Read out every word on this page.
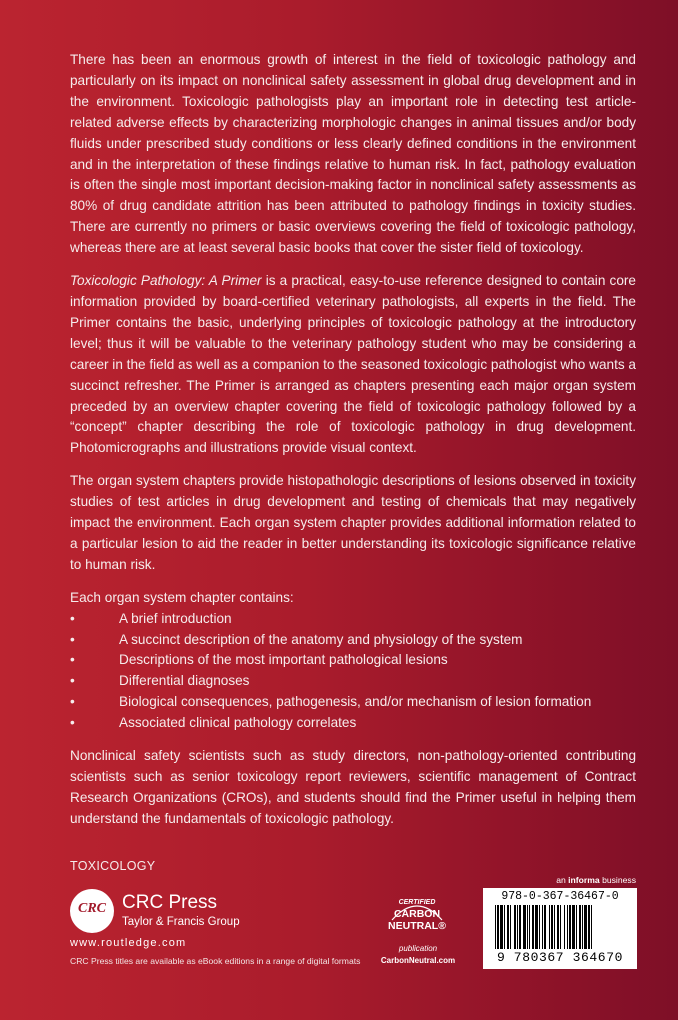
There has been an enormous growth of interest in the field of toxicologic pathology and particularly on its impact on nonclinical safety assessment in global drug development and in the environment. Toxicologic pathologists play an important role in detecting test article-related adverse effects by characterizing morphologic changes in animal tissues and/or body fluids under prescribed study conditions or less clearly defined conditions in the environment and in the interpretation of these findings relative to human risk. In fact, pathology evaluation is often the single most important decision-making factor in nonclinical safety assessments as 80% of drug candidate attrition has been attributed to pathology findings in toxicity studies. There are currently no primers or basic overviews covering the field of toxicologic pathology, whereas there are at least several basic books that cover the sister field of toxicology.

Toxicologic Pathology: A Primer is a practical, easy-to-use reference designed to contain core information provided by board-certified veterinary pathologists, all experts in the field. The Primer contains the basic, underlying principles of toxicologic pathology at the introductory level; thus it will be valuable to the veterinary pathology student who may be considering a career in the field as well as a companion to the seasoned toxicologic pathologist who wants a succinct refresher. The Primer is arranged as chapters presenting each major organ system preceded by an overview chapter covering the field of toxicologic pathology followed by a “concept” chapter describing the role of toxicologic pathology in drug development. Photomicrographs and illustrations provide visual context.

The organ system chapters provide histopathologic descriptions of lesions observed in toxicity studies of test articles in drug development and testing of chemicals that may negatively impact the environment. Each organ system chapter provides additional information related to a particular lesion to aid the reader in better understanding its toxicologic significance relative to human risk.

Each organ system chapter contains:

•	A brief introduction
•	A succinct description of the anatomy and physiology of the system
•	Descriptions of the most important pathological lesions
•	Differential diagnoses
•	Biological consequences, pathogenesis, and/or mechanism of lesion formation
•	Associated clinical pathology correlates

Nonclinical safety scientists such as study directors, non-pathology-oriented contributing scientists such as senior toxicology report reviewers, scientific management of Contract Research Organizations (CROs), and students should find the Primer useful in helping them understand the fundamentals of toxicologic pathology.

TOXICOLOGY
CRC CRC Press
Taylor & Francis Group
www.routledge.com
CRC Press titles are available as eBook editions in a range of digital formats
CERTIFIED
CARBON
NEUTRAL®
publication
CarbonNeutral.com
an informa business
978-0-367-36467-0
9 780367 364670
